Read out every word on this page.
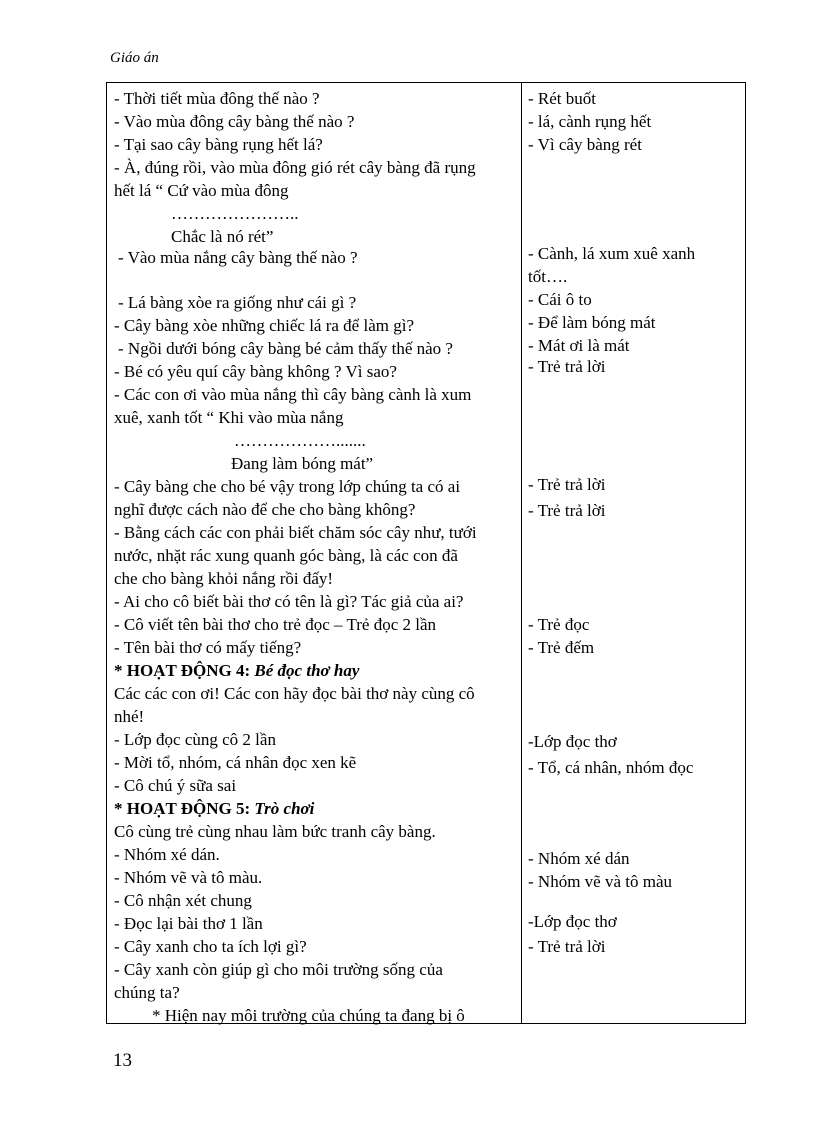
Giáo án
- Thời tiết mùa đông thế nào ?
- Vào mùa đông cây bàng thế nào ?
- Tại sao cây bàng rụng hết lá?
- À, đúng rồi, vào mùa đông gió rét cây bàng đã rụng
hết lá “ Cứ vào mùa đông
…………………..
Chắc là nó rét”
- Vào mùa nắng cây bàng thế nào ?
- Lá bàng xòe ra giống như cái gì ?
- Cây bàng xòe những chiếc lá ra để làm gì?
- Ngồi dưới bóng cây bàng bé cảm thấy thế nào ?
- Bé có yêu quí cây bàng không ? Vì sao?
- Các con ơi vào mùa nắng thì cây bàng cành là xum
xuê, xanh tốt “ Khi vào mùa nắng
……………….......
Đang làm bóng mát”
- Cây bàng che cho bé vậy trong lớp chúng ta có ai
nghĩ được cách nào để che cho bàng không?
- Bằng cách các con phải biết chăm sóc cây như, tưới
nước, nhặt rác xung quanh góc bàng, là các con đã
che cho bàng khỏi nắng rồi đấy!
- Ai cho cô biết bài thơ có tên là gì? Tác giả của ai?
- Cô viết tên bài thơ cho trẻ đọc – Trẻ đọc 2 lần
- Tên bài thơ có mấy tiếng?
* HOẠT ĐỘNG 4: Bé đọc thơ hay
Các các con ơi! Các con hãy đọc bài thơ này cùng cô
nhé!
- Lớp đọc cùng cô 2 lần
- Mời tổ, nhóm, cá nhân đọc xen kẽ
- Cô chú ý sữa sai
* HOẠT ĐỘNG 5: Trò chơi
Cô cùng trẻ cùng nhau làm bức tranh cây bàng.
- Nhóm xé dán.
- Nhóm vẽ và tô màu.
- Cô nhận xét chung
- Đọc lại bài thơ 1 lần
- Cây xanh cho ta ích lợi gì?
- Cây xanh còn giúp gì cho môi trường sống của
chúng ta?
* Hiện nay môi trường của chúng ta đang bị ô
- Rét buốt
- lá, cành rụng hết
- Vì cây bàng rét
- Cành, lá xum xuê xanh
tốt….
- Cái ô to
- Để làm bóng mát
- Mát ơi là mát
- Trẻ trả lời
- Trẻ trả lời
- Trẻ trả lời
- Trẻ đọc
- Trẻ đếm
-Lớp đọc thơ
- Tổ, cá nhân, nhóm đọc
- Nhóm xé dán
- Nhóm vẽ và tô màu
-Lớp đọc thơ
- Trẻ trả lời
13
